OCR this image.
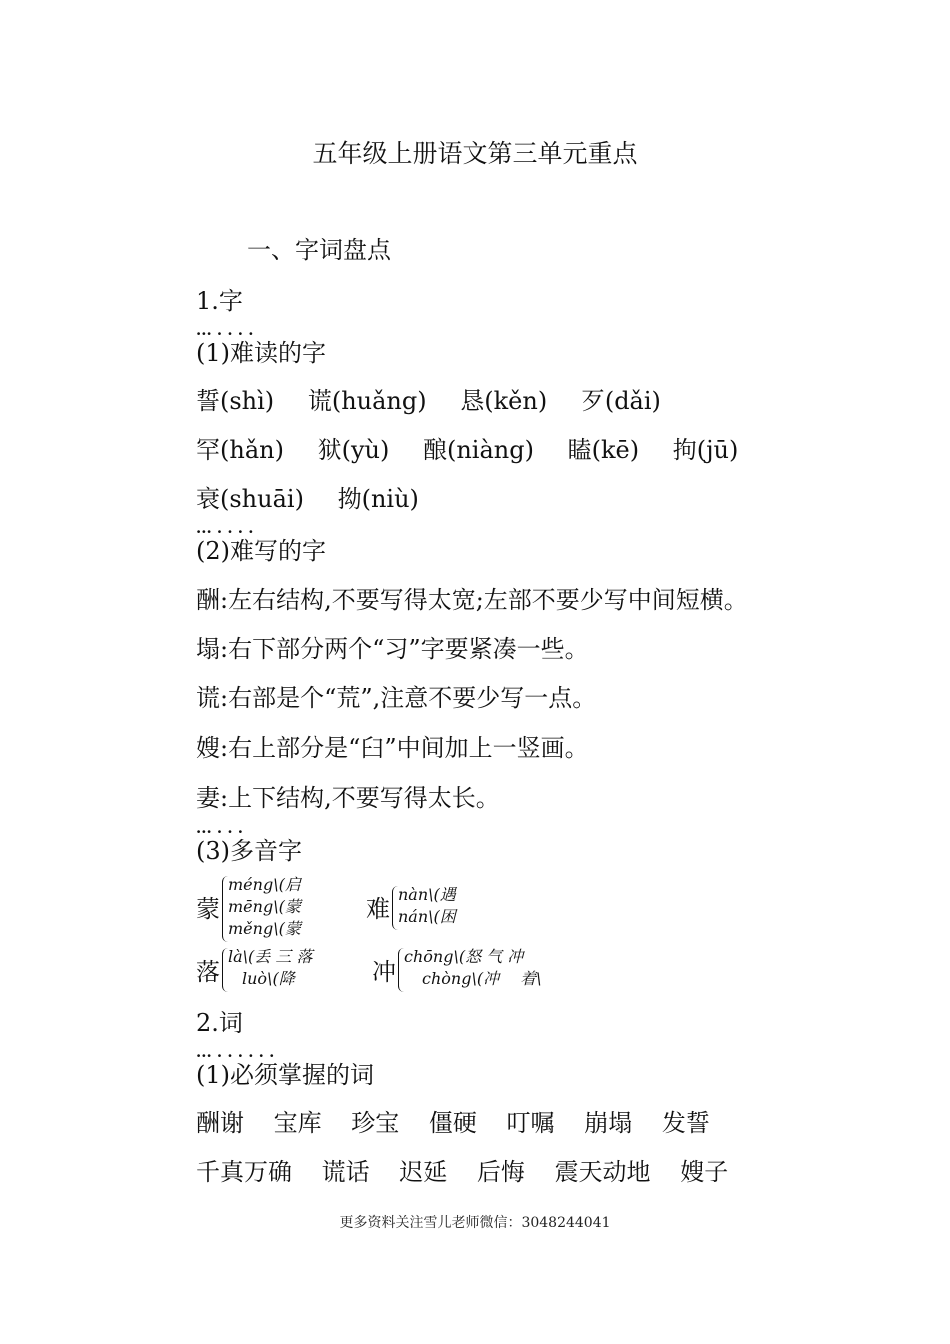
五年级上册语文第三单元重点
一、字词盘点
1.字
... . . . .
(1)难读的字
誓(shì) 谎(huǎng) 恳(kěn) 歹(dǎi)
罕(hǎn) 狱(yù) 酿(niàng) 瞌(kē) 拘(jū)
衰(shuāi) 拗(niù)
... . . . .
(2)难写的字
酬:左右结构,不要写得太宽;左部不要少写中间短横。
塌:右下部分两个“习”字要紧凑一些。
谎:右部是个“荒”,注意不要少写一点。
嫂:右上部分是“臼”中间加上一竖画。
妻:上下结构,不要写得太长。
... . . .
(3)多音字
蒙
méng\(启
mēng\(蒙
měng\(蒙
难
nàn\(遇
nán\(困
落
là\(丢 三 落
luò\(降	冲
chōng\(怒 气 冲
chòng\(冲　 着\
2.词
... . . . . . .
(1)必须掌握的词
酬谢 宝库 珍宝 僵硬 叮嘱 崩塌 发誓
千真万确 谎话 迟延 后悔 震天动地 嫂子
更多资料关注雪儿老师微信：3048244041
